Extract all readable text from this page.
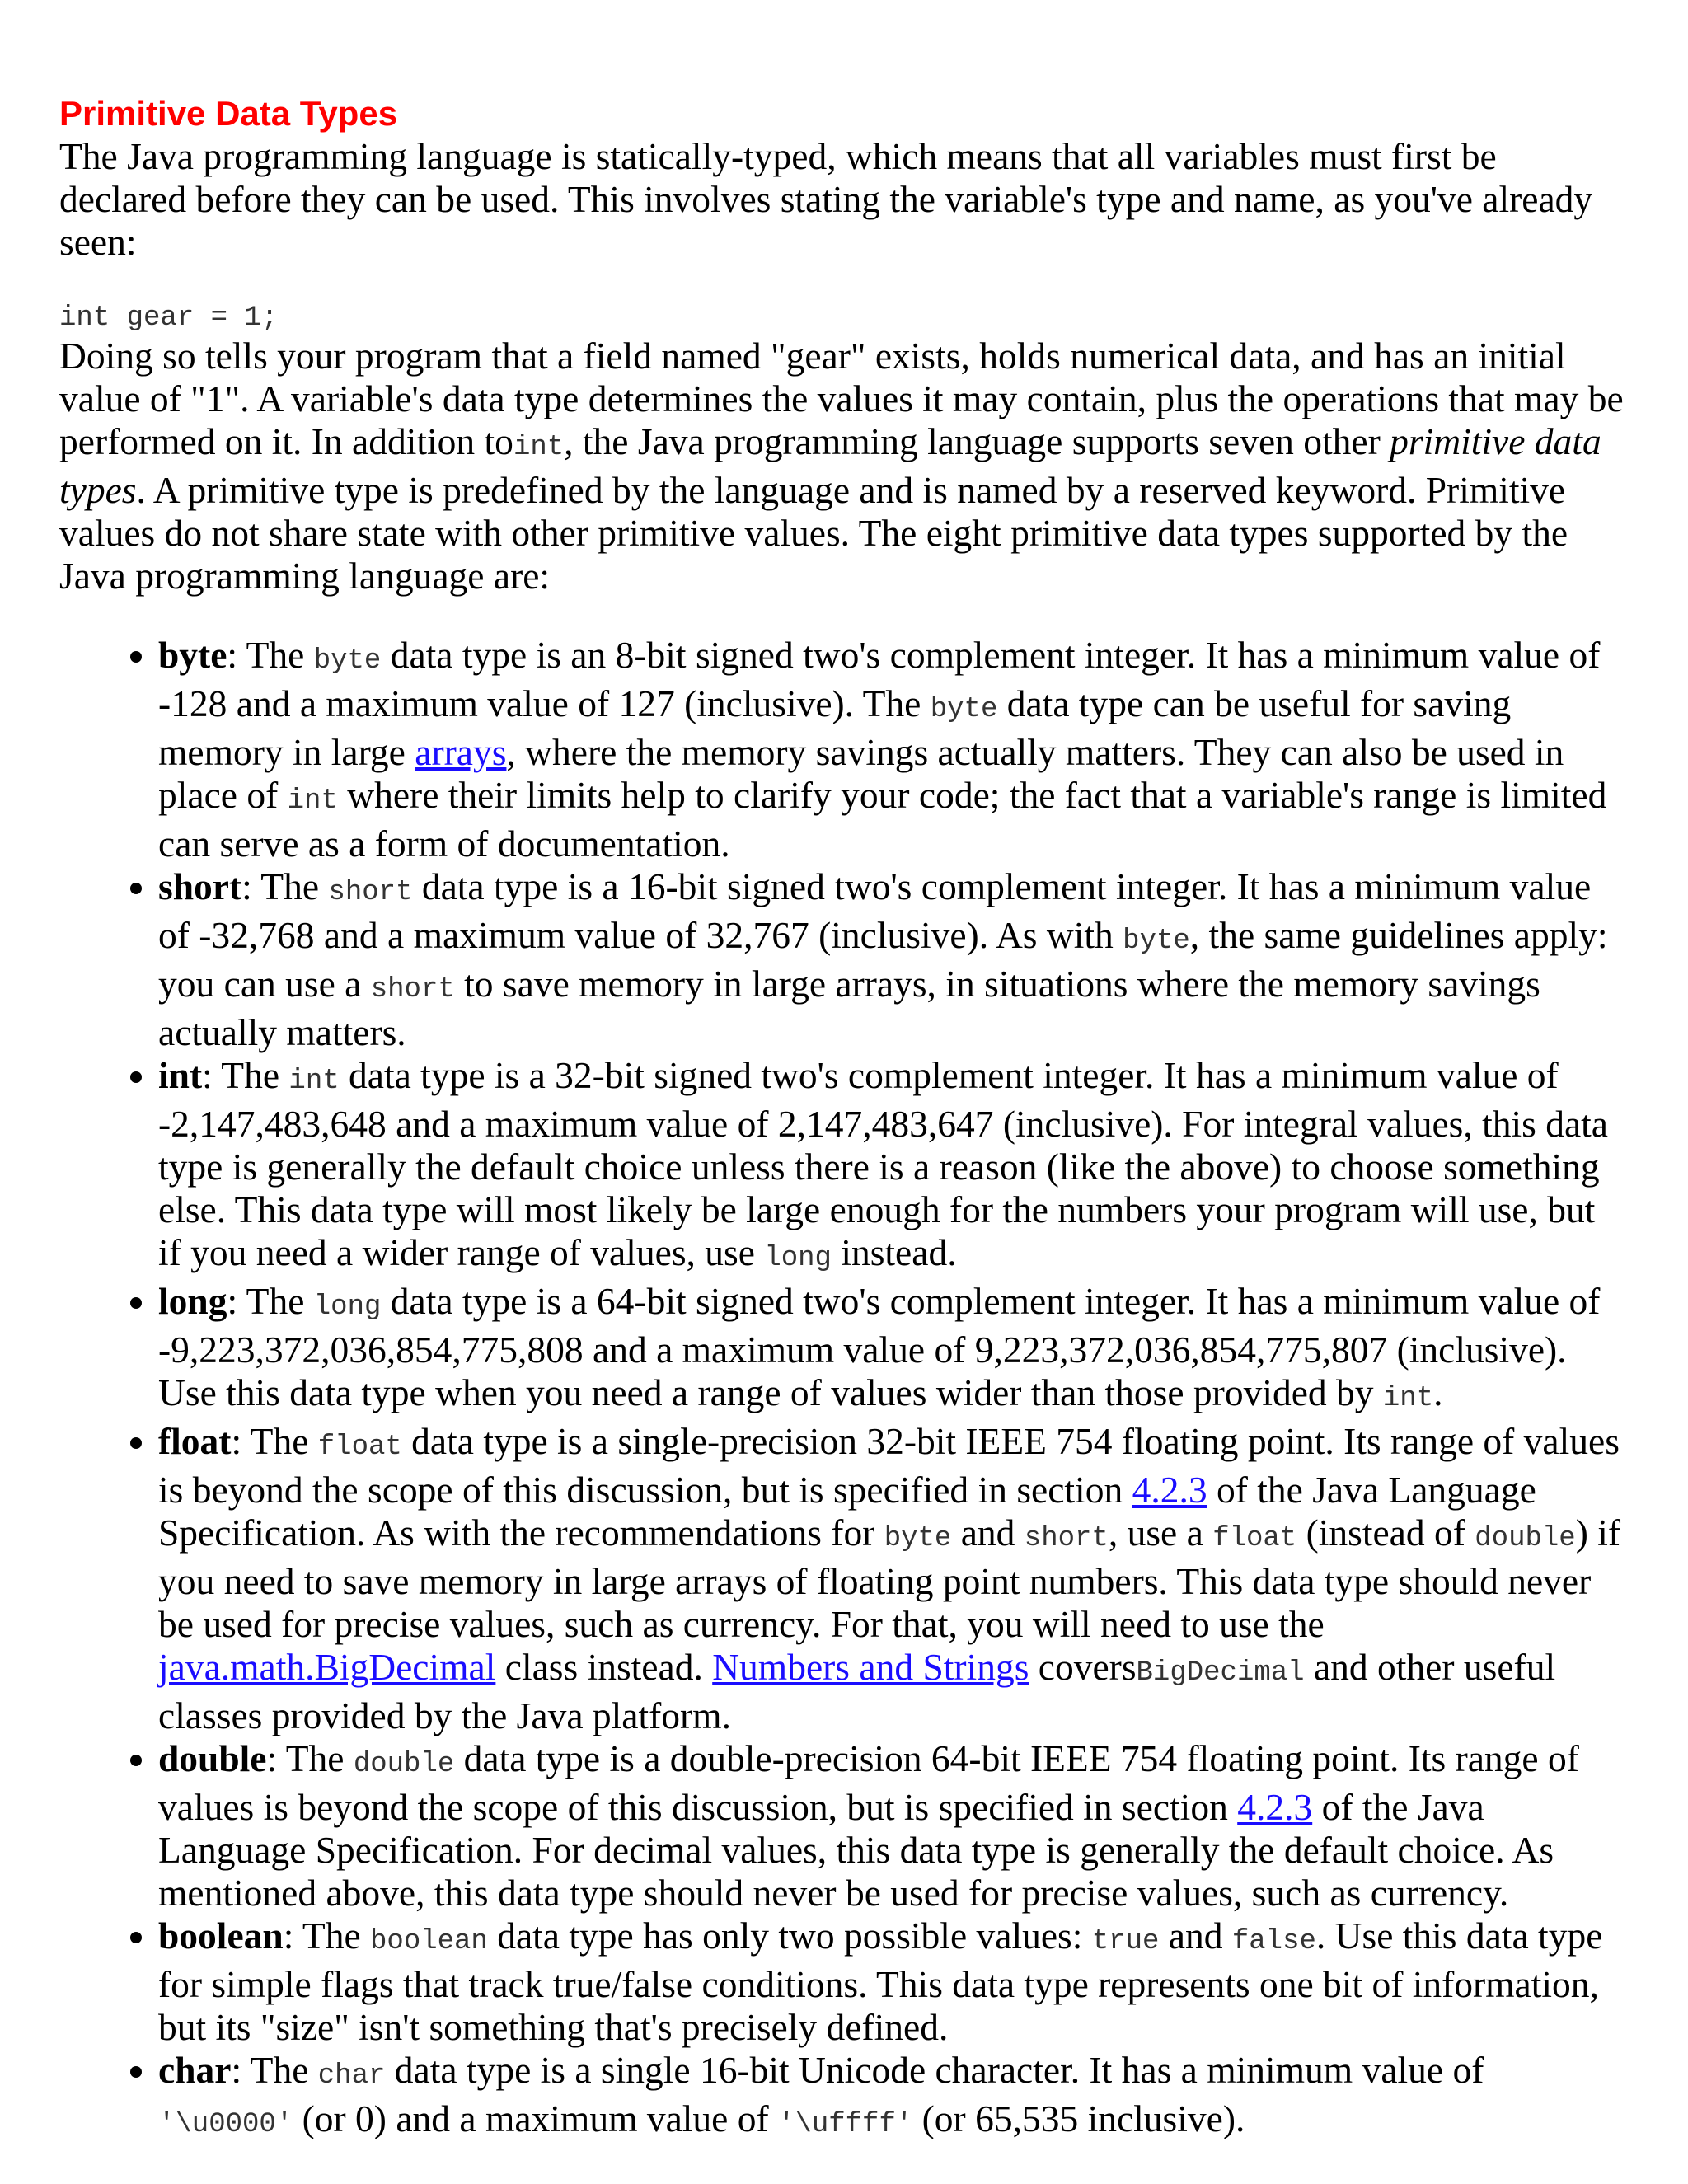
Primitive Data Types

The Java programming language is statically-typed, which means that all variables must first be declared before they can be used. This involves stating the variable's type and name, as you've already seen:

int gear = 1;

Doing so tells your program that a field named "gear" exists, holds numerical data, and has an initial value of "1". A variable's data type determines the values it may contain, plus the operations that may be performed on it. In addition toint, the Java programming language supports seven other primitive data types. A primitive type is predefined by the language and is named by a reserved keyword. Primitive values do not share state with other primitive values. The eight primitive data types supported by the Java programming language are:

• byte: The byte data type is an 8-bit signed two's complement integer. It has a minimum value of -128 and a maximum value of 127 (inclusive). The byte data type can be useful for saving memory in large arrays, where the memory savings actually matters. They can also be used in place of int where their limits help to clarify your code; the fact that a variable's range is limited can serve as a form of documentation.
• short: The short data type is a 16-bit signed two's complement integer. It has a minimum value of -32,768 and a maximum value of 32,767 (inclusive). As with byte, the same guidelines apply: you can use a short to save memory in large arrays, in situations where the memory savings actually matters.
• int: The int data type is a 32-bit signed two's complement integer. It has a minimum value of -2,147,483,648 and a maximum value of 2,147,483,647 (inclusive). For integral values, this data type is generally the default choice unless there is a reason (like the above) to choose something else. This data type will most likely be large enough for the numbers your program will use, but if you need a wider range of values, use long instead.
• long: The long data type is a 64-bit signed two's complement integer. It has a minimum value of -9,223,372,036,854,775,808 and a maximum value of 9,223,372,036,854,775,807 (inclusive). Use this data type when you need a range of values wider than those provided by int.
• float: The float data type is a single-precision 32-bit IEEE 754 floating point. Its range of values is beyond the scope of this discussion, but is specified in section 4.2.3 of the Java Language Specification. As with the recommendations for byte and short, use a float (instead of double) if you need to save memory in large arrays of floating point numbers. This data type should never be used for precise values, such as currency. For that, you will need to use the java.math.BigDecimal class instead. Numbers and Strings coversBigDecimal and other useful classes provided by the Java platform.
• double: The double data type is a double-precision 64-bit IEEE 754 floating point. Its range of values is beyond the scope of this discussion, but is specified in section 4.2.3 of the Java Language Specification. For decimal values, this data type is generally the default choice. As mentioned above, this data type should never be used for precise values, such as currency.
• boolean: The boolean data type has only two possible values: true and false. Use this data type for simple flags that track true/false conditions. This data type represents one bit of information, but its "size" isn't something that's precisely defined.
• char: The char data type is a single 16-bit Unicode character. It has a minimum value of '\u0000' (or 0) and a maximum value of '\uffff' (or 65,535 inclusive).
